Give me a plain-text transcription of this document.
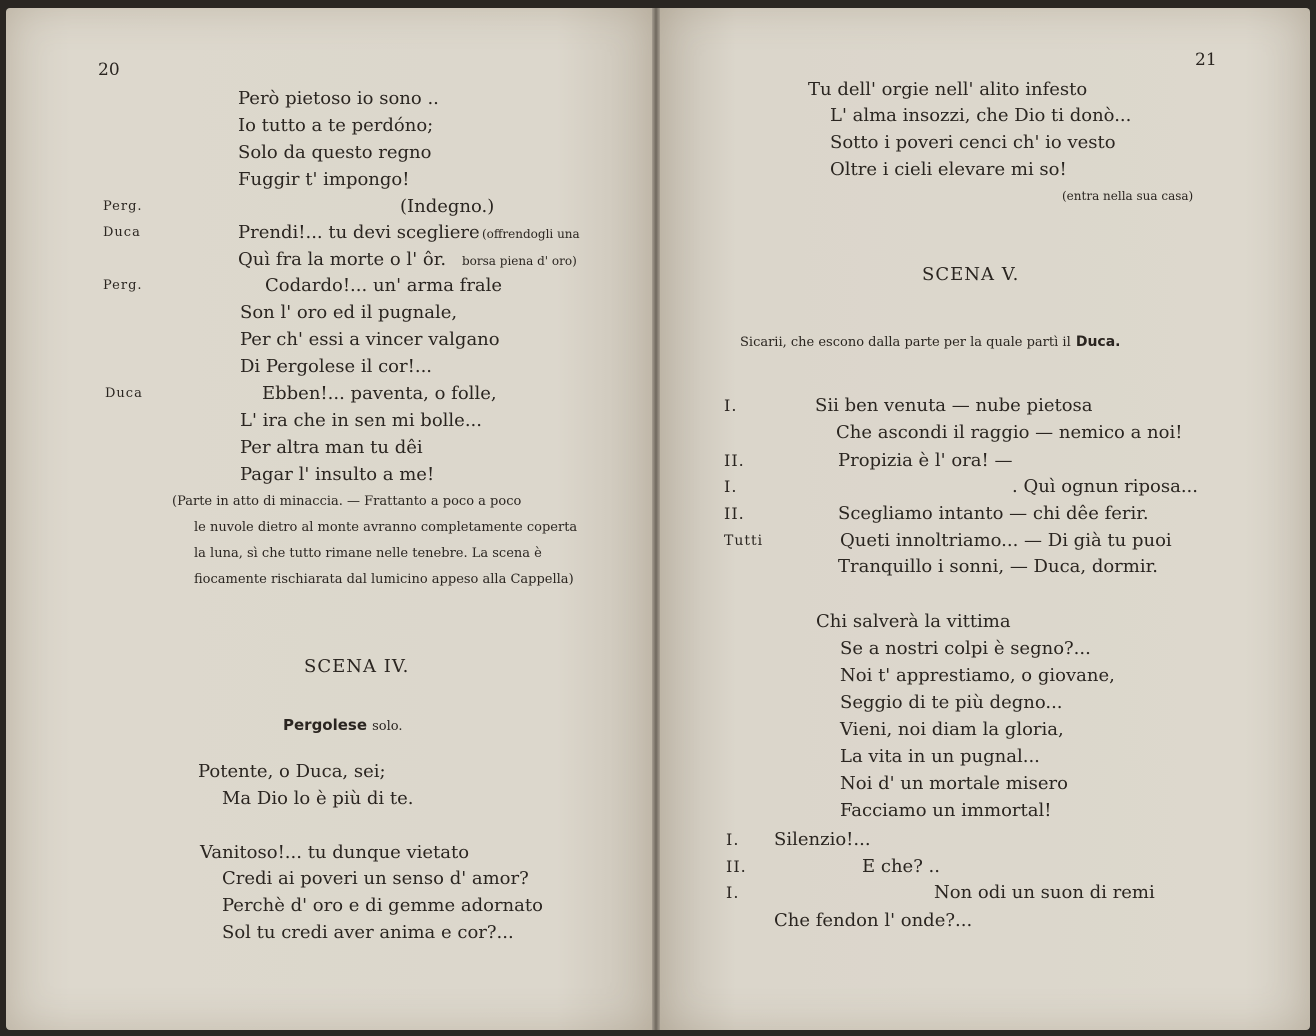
20
Però pietoso io sono ..
Io tutto a te perdóno;
Solo da questo regno
Fuggir t' impongo!
Perg.	(Indegno.)
Duca	Prendi!... tu devi scegliere (offrendogli una
Quì fra la morte o l' ôr. borsa piena d' oro)
Perg.	Codardo!... un' arma frale
Son l' oro ed il pugnale,
Per ch' essi a vincer valgano
Di Pergolese il cor!...
Duca	Ebben!... paventa, o folle,
L' ira che in sen mi bolle...
Per altra man tu dêi
Pagar l' insulto a me!
(Parte in atto di minaccia. — Frattanto a poco a poco
le nuvole dietro al monte avranno completamente coperta
la luna, sì che tutto rimane nelle tenebre. La scena è
fiocamente rischiarata dal lumicino appeso alla Cappella)
SCENA IV.
Pergolese solo.
Potente, o Duca, sei;
Ma Dio lo è più di te.
Vanitoso!... tu dunque vietato
Credi ai poveri un senso d' amor?
Perchè d' oro e di gemme adornato
Sol tu credi aver anima e cor?...
21
Tu dell' orgie nell' alito infesto
L' alma insozzi, che Dio ti donò...
Sotto i poveri cenci ch' io vesto
Oltre i cieli elevare mi so!
(entra nella sua casa)
SCENA V.
Sicarii, che escono dalla parte per la quale partì il Duca.
I.	Sii ben venuta — nube pietosa
Che ascondi il raggio — nemico a noi!
II.	Propizia è l' ora! —
I.	. Quì ognun riposa...
II.	Scegliamo intanto — chi dêe ferir.
Tutti	Queti innoltriamo... — Di già tu puoi
Tranquillo i sonni, — Duca, dormir.
Chi salverà la vittima
Se a nostri colpi è segno?...
Noi t' apprestiamo, o giovane,
Seggio di te più degno...
Vieni, noi diam la gloria,
La vita in un pugnal...
Noi d' un mortale misero
Facciamo un immortal!
I. Silenzio!...
II.	E che? ..
I.	Non odi un suon di remi
Che fendon l' onde?...
